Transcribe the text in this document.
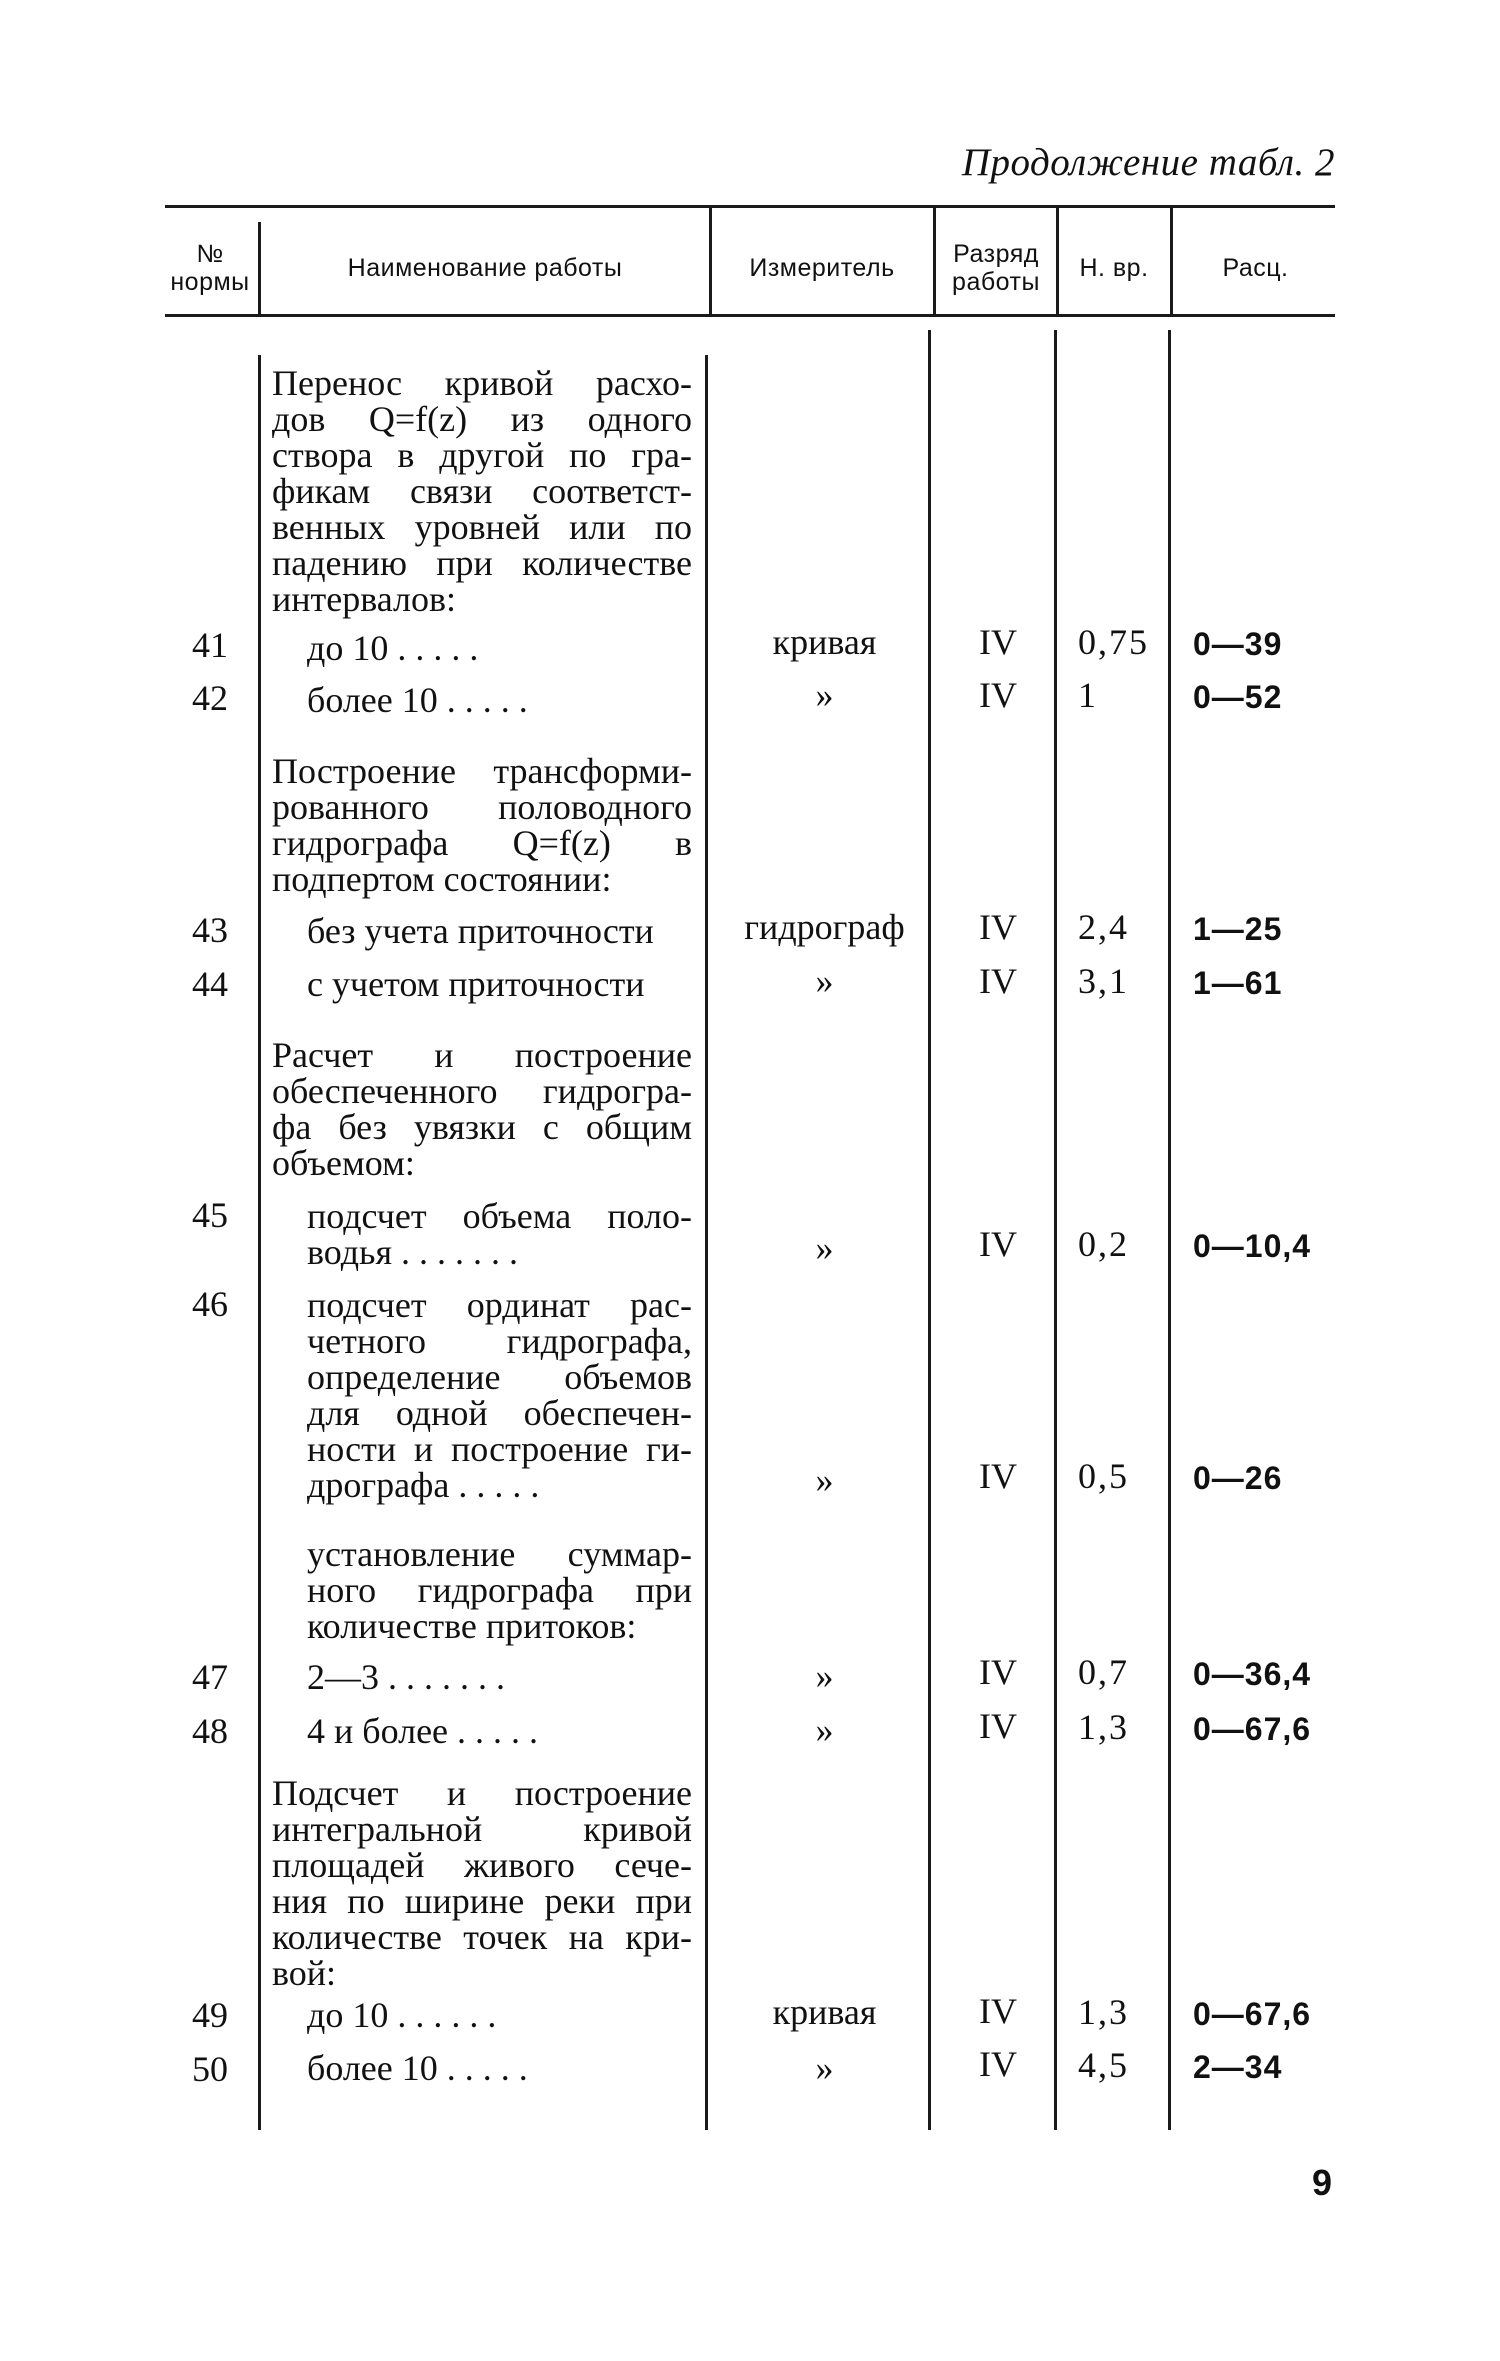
Продолжение табл. 2
№ нормы	Наименование работы	Измеритель	Разряд работы	Н. вр.	Расц.
Перенос кривой расхо-
дов Q=f(z) из одного
створа в другой по гра-
фикам связи соответст-
венных уровней или по
падению при количестве
интервалов:
41	до 10 . . . . .	кривая	IV	0,75 0—39
42	более 10 . . . . .	»	IV	1	0—52
Построение трансформи-
рованного половодного
гидрографа Q=f(z) в
подпертом состоянии:
43	без учета приточности	гидрограф	IV	2,4 1—25
44	с учетом приточности	»	IV	3,1 1—61
Расчет и построение
обеспеченного гидрогра-
фа без увязки с общим
объемом:
45	подсчет объема поло-
водья . . . . . . .	»	IV	0,2 0—10,4
46	подсчет ординат рас-
четного гидрографа,
определение объемов
для одной обеспечен-
ности и построение ги-
дрографа . . . . .	»	IV	0,5 0—26
установление суммар-
ного гидрографа при
количестве притоков:
47	2—3 . . . . . . .	»	IV	0,7 0—36,4
48	4 и более . . . . .	»	IV	1,3 0—67,6
Подсчет и построение
интегральной кривой
площадей живого сече-
ния по ширине реки при
количестве точек на кри-
вой:
49	до 10 . . . . . .	кривая	IV	1,3 0—67,6
50	более 10 . . . . .	»	IV	4,5 2—34
9
